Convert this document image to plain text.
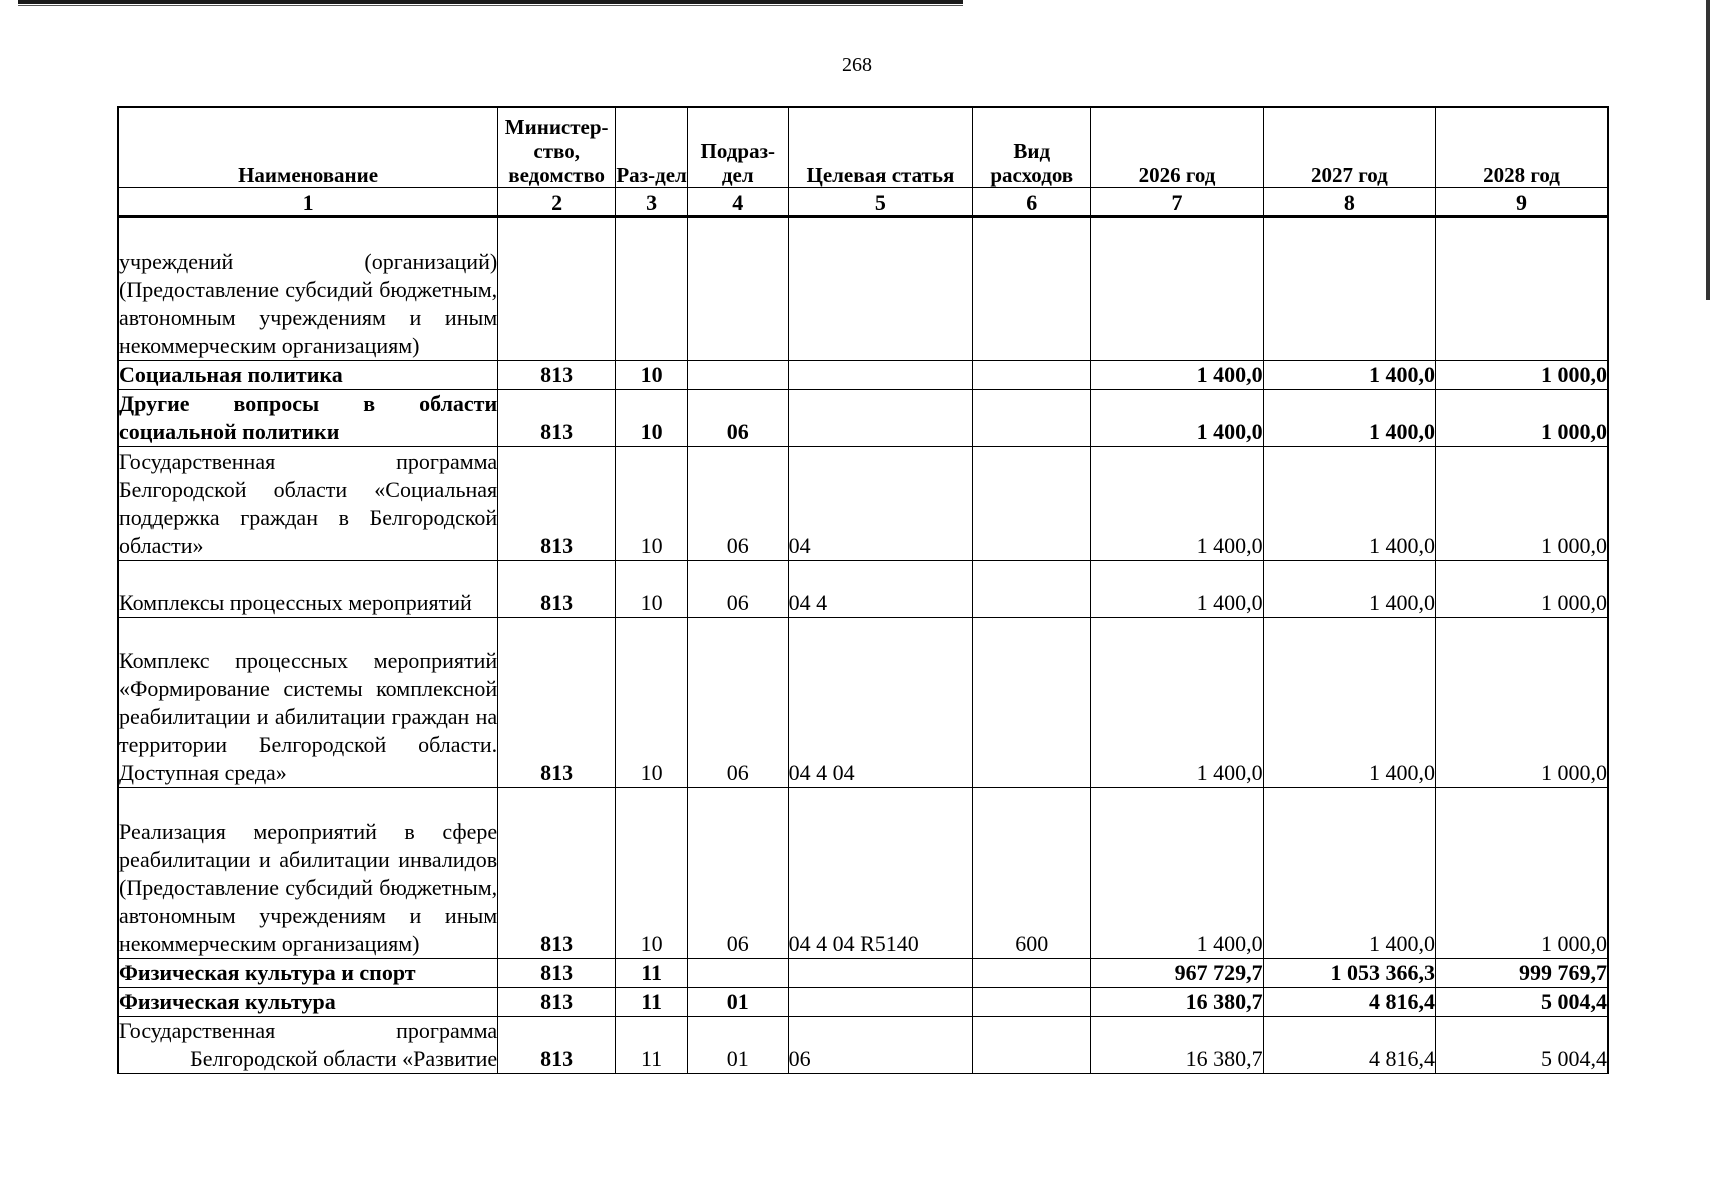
268
Наименование	Министер-ство, ведомство	Раз-дел	Подраз-дел	Целевая статья	Вид расходов	2026 год	2027 год	2028 год
1	2	3	4	5	6	7	8	9
учреждений (организаций) (Предоставление субсидий бюджетным, автономным учреждениям и иным некоммерческим организациям)								
Социальная политика	813	10				1 400,0	1 400,0	1 000,0
Другие вопросы в области социальной политики	813	10	06			1 400,0	1 400,0	1 000,0
Государственная программа Белгородской области «Социальная поддержка граждан в Белгородской области»	813	10	06	04		1 400,0	1 400,0	1 000,0
Комплексы процессных мероприятий	813	10	06	04 4		1 400,0	1 400,0	1 000,0
Комплекс процессных мероприятий «Формирование системы комплексной реабилитации и абилитации граждан на территории Белгородской области. Доступная среда»	813	10	06	04 4 04		1 400,0	1 400,0	1 000,0
Реализация мероприятий в сфере реабилитации и абилитации инвалидов (Предоставление субсидий бюджетным, автономным учреждениям и иным некоммерческим организациям)	813	10	06	04 4 04 R5140	600	1 400,0	1 400,0	1 000,0
Физическая культура и спорт	813	11				967 729,7	1 053 366,3	999 769,7
Физическая культура	813	11	01			16 380,7	4 816,4	5 004,4
Государственная программа Белгородской области «Развитие	813	11	01	06		16 380,7	4 816,4	5 004,4
